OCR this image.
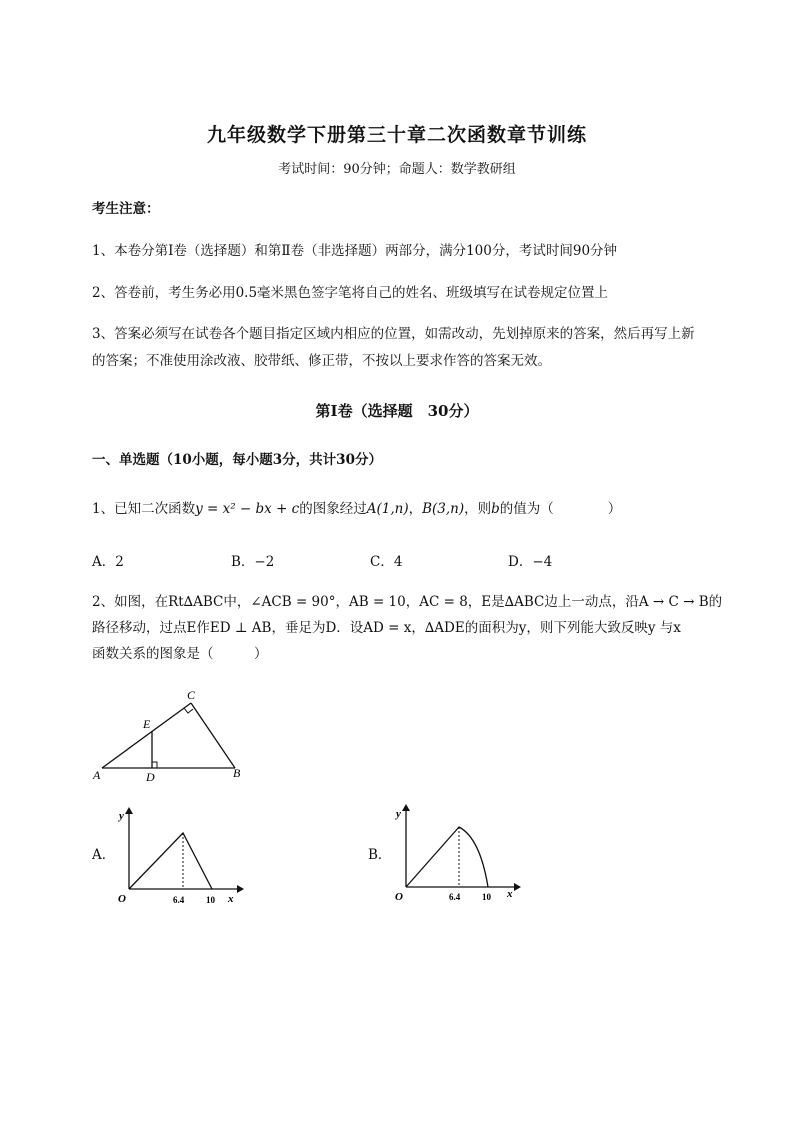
九年级数学下册第三十章二次函数章节训练
考试时间：90分钟；命题人：数学教研组
考生注意：
1、本卷分第I卷（选择题）和第Ⅱ卷（非选择题）两部分，满分100分，考试时间90分钟
2、答卷前，考生务必用0.5毫米黑色签字笔将自己的姓名、班级填写在试卷规定位置上
3、答案必须写在试卷各个题目指定区域内相应的位置，如需改动，先划掉原来的答案，然后再写上新
的答案；不准使用涂改液、胶带纸、修正带，不按以上要求作答的答案无效。
第I卷（选择题　30分）
一、单选题（10小题，每小题3分，共计30分）
1、已知二次函数y = x² − bx + c的图象经过A(1,n)，B(3,n)，则b的值为（　　　　）
A．2	B．−2	C．4	D．−4
2、如图，在Rt∆ABC中，∠ACB = 90°，AB = 10，AC = 8，E是∆ABC边上一动点，沿A → C → B的
路径移动，过点E作ED ⊥ AB，垂足为D．设AD = x，∆ADE的面积为y，则下列能大致反映y 与x
函数关系的图象是（　　　）
A	B
C
D
E
A．
y
x
O	6.4 10
B．
y
x
O	6.4 10
